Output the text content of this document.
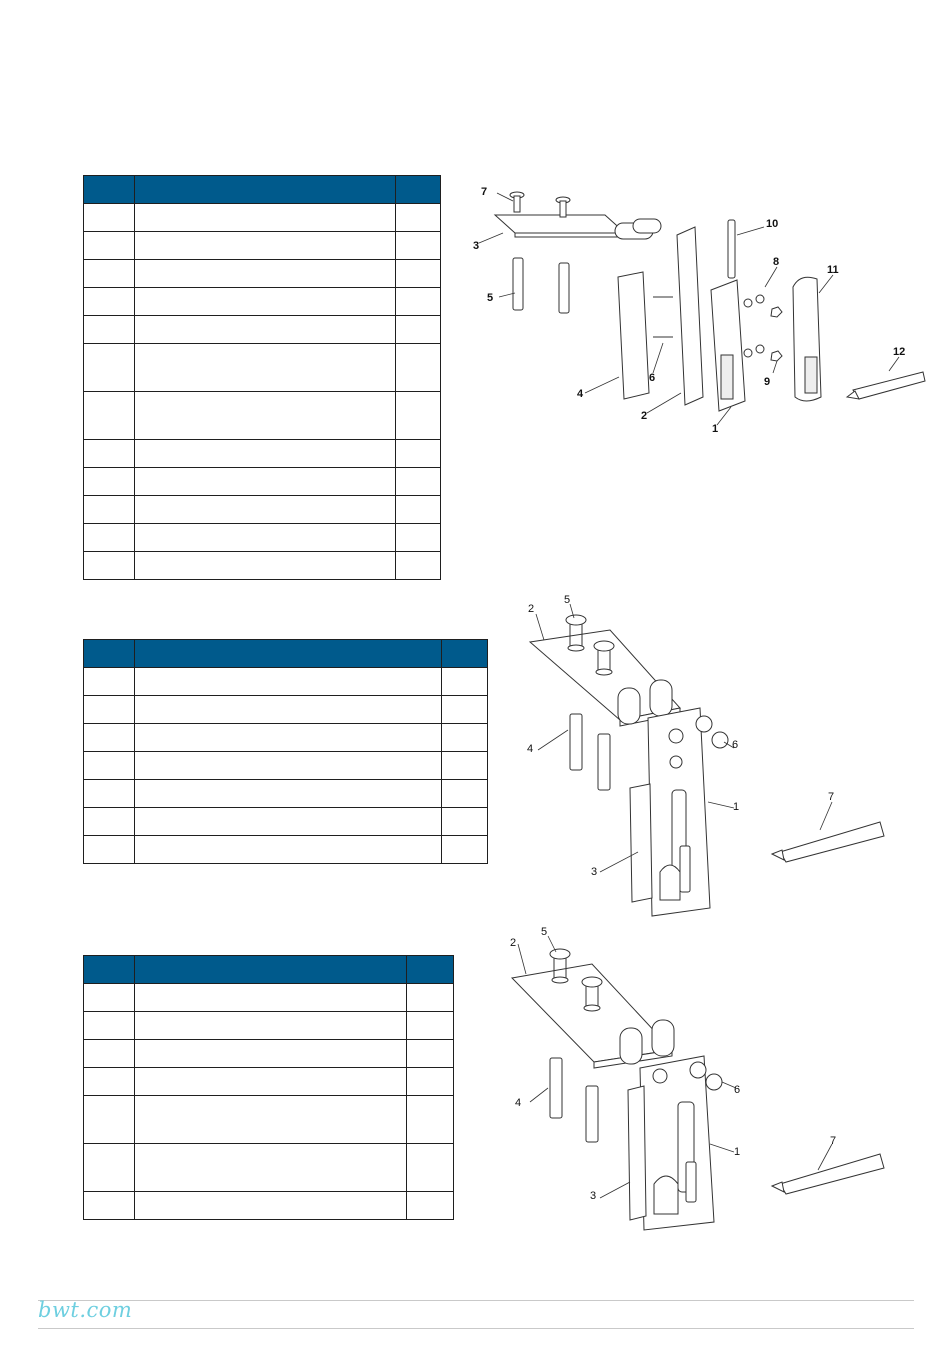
7
3
5
4
6
2
1
10
8
9
11
12
2
5
4	6
1
3
7
2
5
4
6
1
3
7
bwt.com
